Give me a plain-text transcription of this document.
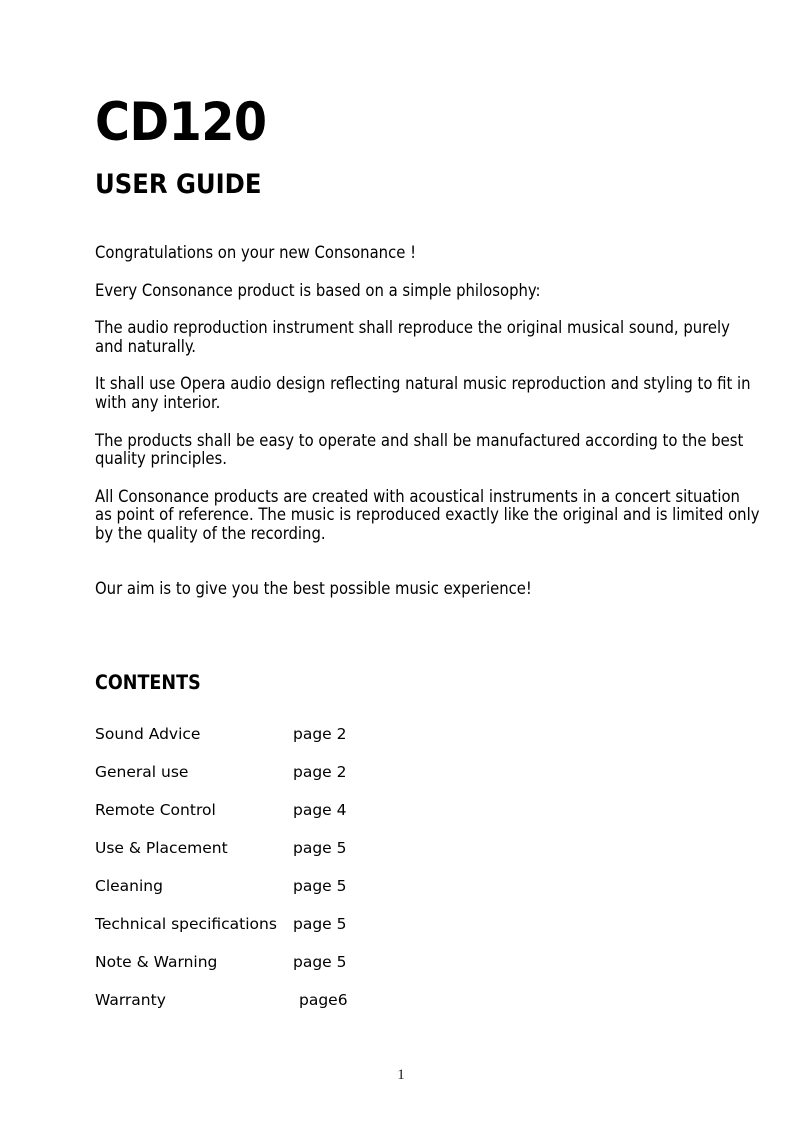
CD120
USER GUIDE

Congratulations on your new Consonance !

Every Consonance product is based on a simple philosophy:

The audio reproduction instrument shall reproduce the original musical sound, purely and naturally.

It shall use Opera audio design reflecting natural music reproduction and styling to fit in with any interior.

The products shall be easy to operate and shall be manufactured according to the best quality principles.

All Consonance products are created with acoustical instruments in a concert situation as point of reference. The music is reproduced exactly like the original and is limited only by the quality of the recording.

Our aim is to give you the best possible music experience!

CONTENTS
Sound Advice	page 2
General use	page 2
Remote Control	page 4
Use & Placement	page 5
Cleaning	page 5
Technical specifications	page 5
Note & Warning	page 5
Warranty	page6
1
